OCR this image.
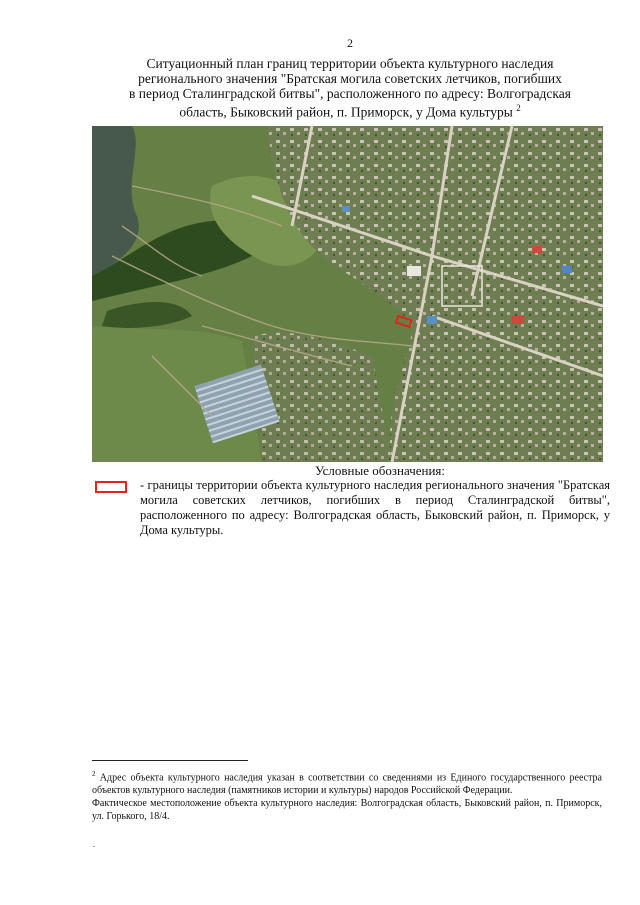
2
Ситуационный план границ территории объекта культурного наследия
регионального значения "Братская могила советских летчиков, погибших
в период Сталинградской битвы", расположенного по адресу: Волгоградская
область, Быковский район, п. Приморск, у Дома культуры $^2$
Условные обозначения:
- границы территории объекта культурного наследия регионального значения "Братская могила советских летчиков, погибших в период Сталинградской битвы", расположенного по адресу: Волгоградская область, Быковский район, п. Приморск, у Дома культуры.

$^2$ Адрес объекта культурного наследия указан в соответствии со сведениями из Единого государственного реестра объектов культурного наследия (памятников истории и культуры) народов Российской Федерации.

Фактическое местоположение объекта культурного наследия: Волгоградская область, Быковский район, п. Приморск, ул. Горького, 18/4.

.
